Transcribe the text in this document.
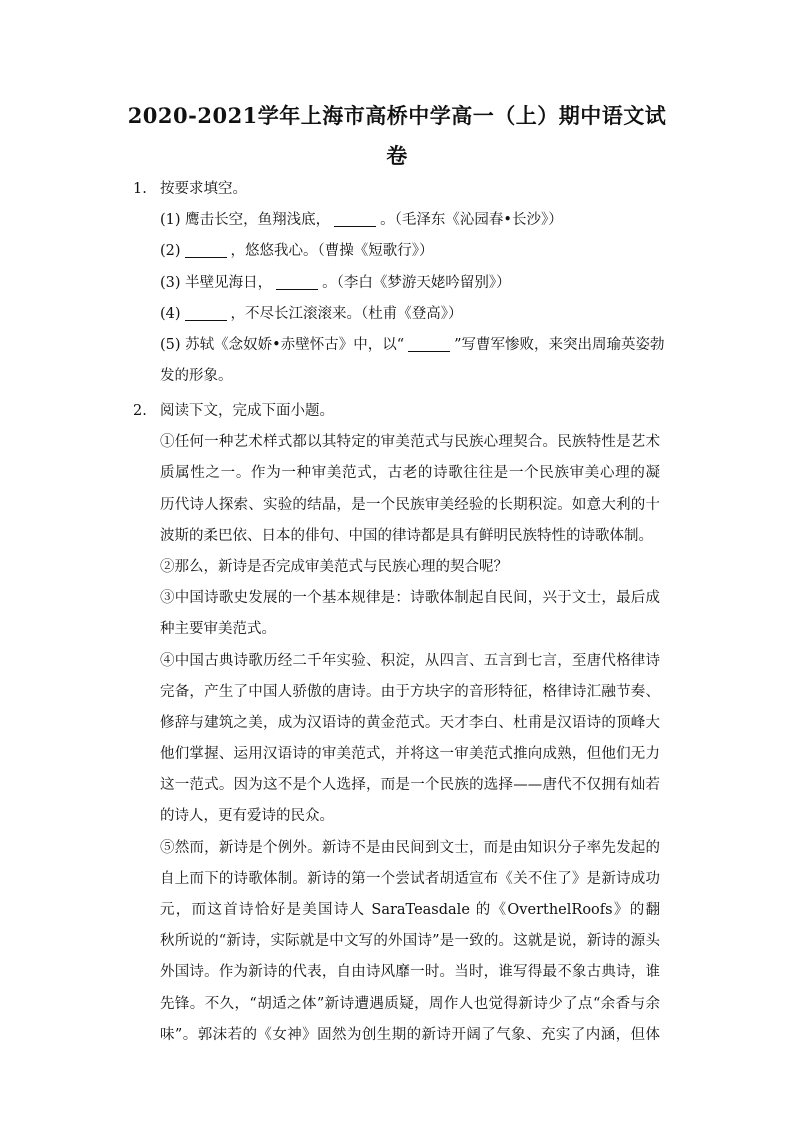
2020-2021学年上海市高桥中学高一（上）期中语文试
卷
1. 按要求填空。
(1) 鹰击长空，鱼翔浅底，	。（毛泽东《沁园春•长沙》）
(2)	，悠悠我心。（曹操《短歌行》）
(3) 半壁见海日，	。（李白《梦游天姥吟留别》）
(4)	，不尽长江滚滚来。（杜甫《登高》）
(5) 苏轼《念奴娇•赤壁怀古》中，以“	”写曹军惨败，来突出周瑜英姿勃
发的形象。
2. 阅读下文，完成下面小题。
①任何一种艺术样式都以其特定的审美范式与民族心理契合。民族特性是艺术
质属性之一。作为一种审美范式，古老的诗歌往往是一个民族审美心理的凝
历代诗人探索、实验的结晶，是一个民族审美经验的长期积淀。如意大利的十
波斯的柔巴依、日本的俳句、中国的律诗都是具有鲜明民族特性的诗歌体制。
②那么，新诗是否完成审美范式与民族心理的契合呢？
③中国诗歌史发展的一个基本规律是：诗歌体制起自民间，兴于文士，最后成
种主要审美范式。
④中国古典诗歌历经二千年实验、积淀，从四言、五言到七言，至唐代格律诗
完备，产生了中国人骄傲的唐诗。由于方块字的音形特征，格律诗汇融节奏、
修辞与建筑之美，成为汉语诗的黄金范式。天才李白、杜甫是汉语诗的顶峰大
他们掌握、运用汉语诗的审美范式，并将这一审美范式推向成熟，但他们无力
这一范式。因为这不是个人选择，而是一个民族的选择——唐代不仅拥有灿若
的诗人，更有爱诗的民众。
⑤然而，新诗是个例外。新诗不是由民间到文士，而是由知识分子率先发起的
自上而下的诗歌体制。新诗的第一个尝试者胡适宣布《关不住了》是新诗成功
元，而这首诗恰好是美国诗人 SaraTeasdale 的《OverthelRoofs》的翻
秋所说的“新诗，实际就是中文写的外国诗”是一致的。这就是说，新诗的源头
外国诗。作为新诗的代表，自由诗风靡一时。当时，谁写得最不象古典诗，谁
先锋。不久，“胡适之体”新诗遭遇质疑，周作人也觉得新诗少了点“余香与余
味”。郭沫若的《女神》固然为创生期的新诗开阔了气象、充实了内涵，但体
